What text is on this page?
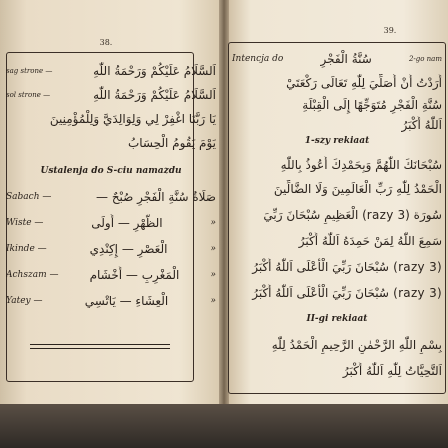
38.
sag strone —	اَلسَّلَامُ عَلَيْكُمْ وَرَحْمَةُ اللّٰهِ
sol strone —	اَلسَّلَامُ عَلَيْكُمْ وَرَحْمَةُ اللّٰهِ
يَا رَبَّنَا اغْفِرْ لِي وَلِوَالِدَيَّ وَلِلْمُؤْمِنِينَ
يَوْمَ يَقُومُ الْحِسَابُ
Ustalenja do S-ciu namazdu
Sabach —	صَلَاةُ سُنَّةِ الْفَجْرِ صُبْحٌ —
Wiste —	الظُّهْرِ — أُولَى	»
Ikinde —	الْعَصْرِ — إِكِنْدِي	»
Achszam —	الْمَغْرِبِ — أَخْشَام	»
Yatey —	الْعِشَاءِ — يَاتْسِي	»
39.
Intencja do	سُنَّةُ الْفَجْرِ	2-go nam
أَرَدْتُ أَنْ أُصَلِّيَ لِلّٰهِ تَعَالَى رَكْعَتَيْ
سُنَّةِ الْفَجْرِ مُتَوَجِّهًا إِلَى الْقِبْلَةِ
اَللّٰهُ أَكْبَرُ
1-szy rekiaat
سُبْحَانَكَ اللّٰهُمَّ وَبِحَمْدِكَ أَعُوذُ بِاللّٰهِ
الْحَمْدُ لِلّٰهِ رَبِّ الْعَالَمِينَ وَلَا الضَّالِّينَ
سُورَة (3 razy) الْعَظِيمِ سُبْحَانَ رَبِّيَ
سَمِعَ اللّٰهُ لِمَنْ حَمِدَهُ اَللّٰهُ أَكْبَرُ
(3 razy) سُبْحَانَ رَبِّيَ الْأَعْلَى اَللّٰهُ أَكْبَرُ
(3 razy) سُبْحَانَ رَبِّيَ الْأَعْلَى اَللّٰهُ أَكْبَرُ
II-gi rekiaat
بِسْمِ اللّٰهِ الرَّحْمٰنِ الرَّحِيمِ الْحَمْدُ لِلّٰهِ
اَلتَّحِيَّاتُ لِلّٰهِ اَللّٰهُ أَكْبَرُ
